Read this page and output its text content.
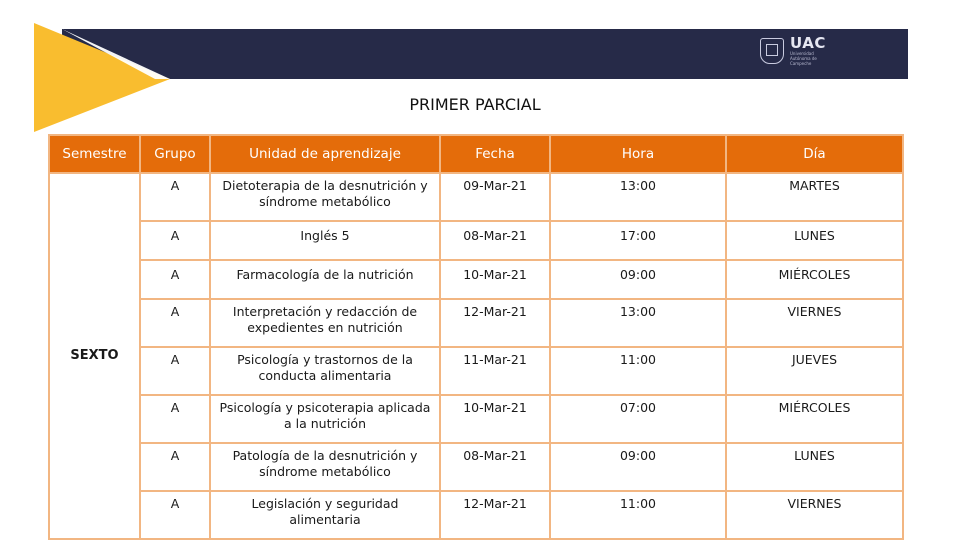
UAC
Universidad Autónoma de Campeche
PRIMER PARCIAL
Semestre	Grupo	Unidad de aprendizaje	Fecha	Hora	Día
SEXTO	A	Dietoterapia de la desnutrición y síndrome metabólico	09-Mar-21	13:00	MARTES
	A	Inglés 5	08-Mar-21	17:00	LUNES
	A	Farmacología de la nutrición	10-Mar-21	09:00	MIÉRCOLES
	A	Interpretación y redacción de expedientes en nutrición	12-Mar-21	13:00	VIERNES
	A	Psicología y trastornos de la conducta alimentaria	11-Mar-21	11:00	JUEVES
	A	Psicología y psicoterapia aplicada a la nutrición	10-Mar-21	07:00	MIÉRCOLES
	A	Patología de la desnutrición y síndrome metabólico	08-Mar-21	09:00	LUNES
	A	Legislación y seguridad alimentaria	12-Mar-21	11:00	VIERNES
